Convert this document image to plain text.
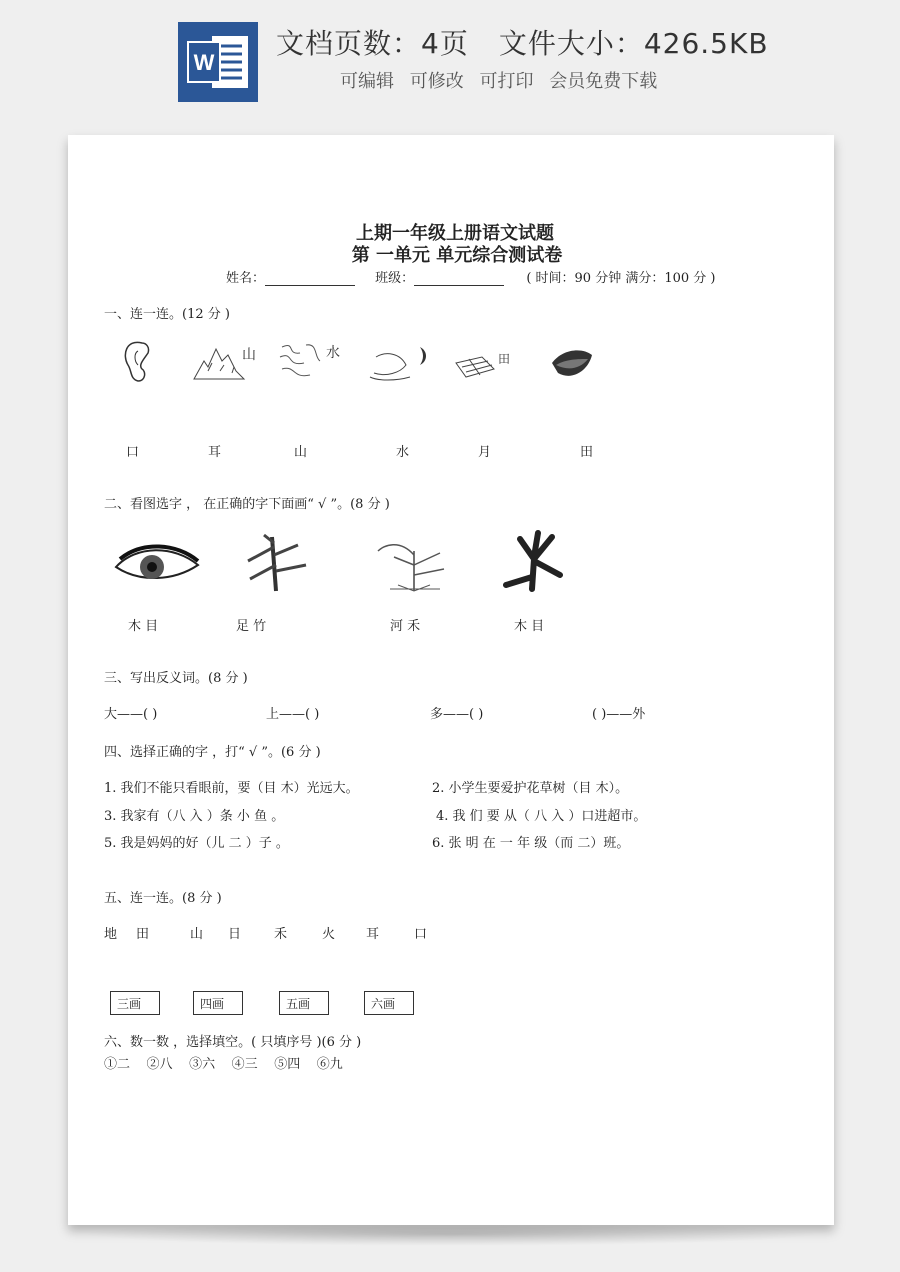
W
文档页数：4页 文件大小：426.5KB
可编辑 可修改 可打印 会员免费下载
上期一年级上册语文试题
第 一单元 单元综合测试卷
姓名：	班级：	( 时间：90 分钟 满分：100 分 )
一、连一连。(12 分 )
山	水	田
口	耳	山	水	月	田
二、看图选字 ， 在正确的字下面画“ √ ”。(8 分 )
木 目	足 竹	河 禾	木 目
三、写出反义词。(8 分 )
大——( )	上——( )	多——( )	( )——外
四、选择正确的字 ，打“ √ ”。(6 分 )
1. 我们不能只看眼前，要（目 木）光远大。	2. 小学生要爱护花草树（目 木）。
3. 我家有（八 入 ）条 小 鱼 。	4. 我 们 要 从（ 八 入 ）口进超市。
5. 我是妈妈的好（儿 二 ）子 。	6. 张 明 在 一 年 级（而 二）班。
五、连一连。(8 分 )
地 田	山 日	禾	火 耳	口
三画	四画	五画	六画
六、数一数 ，选择填空。( 只填序号 )(6 分 )
①二 ②八 ③六 ④三 ⑤四 ⑥九
